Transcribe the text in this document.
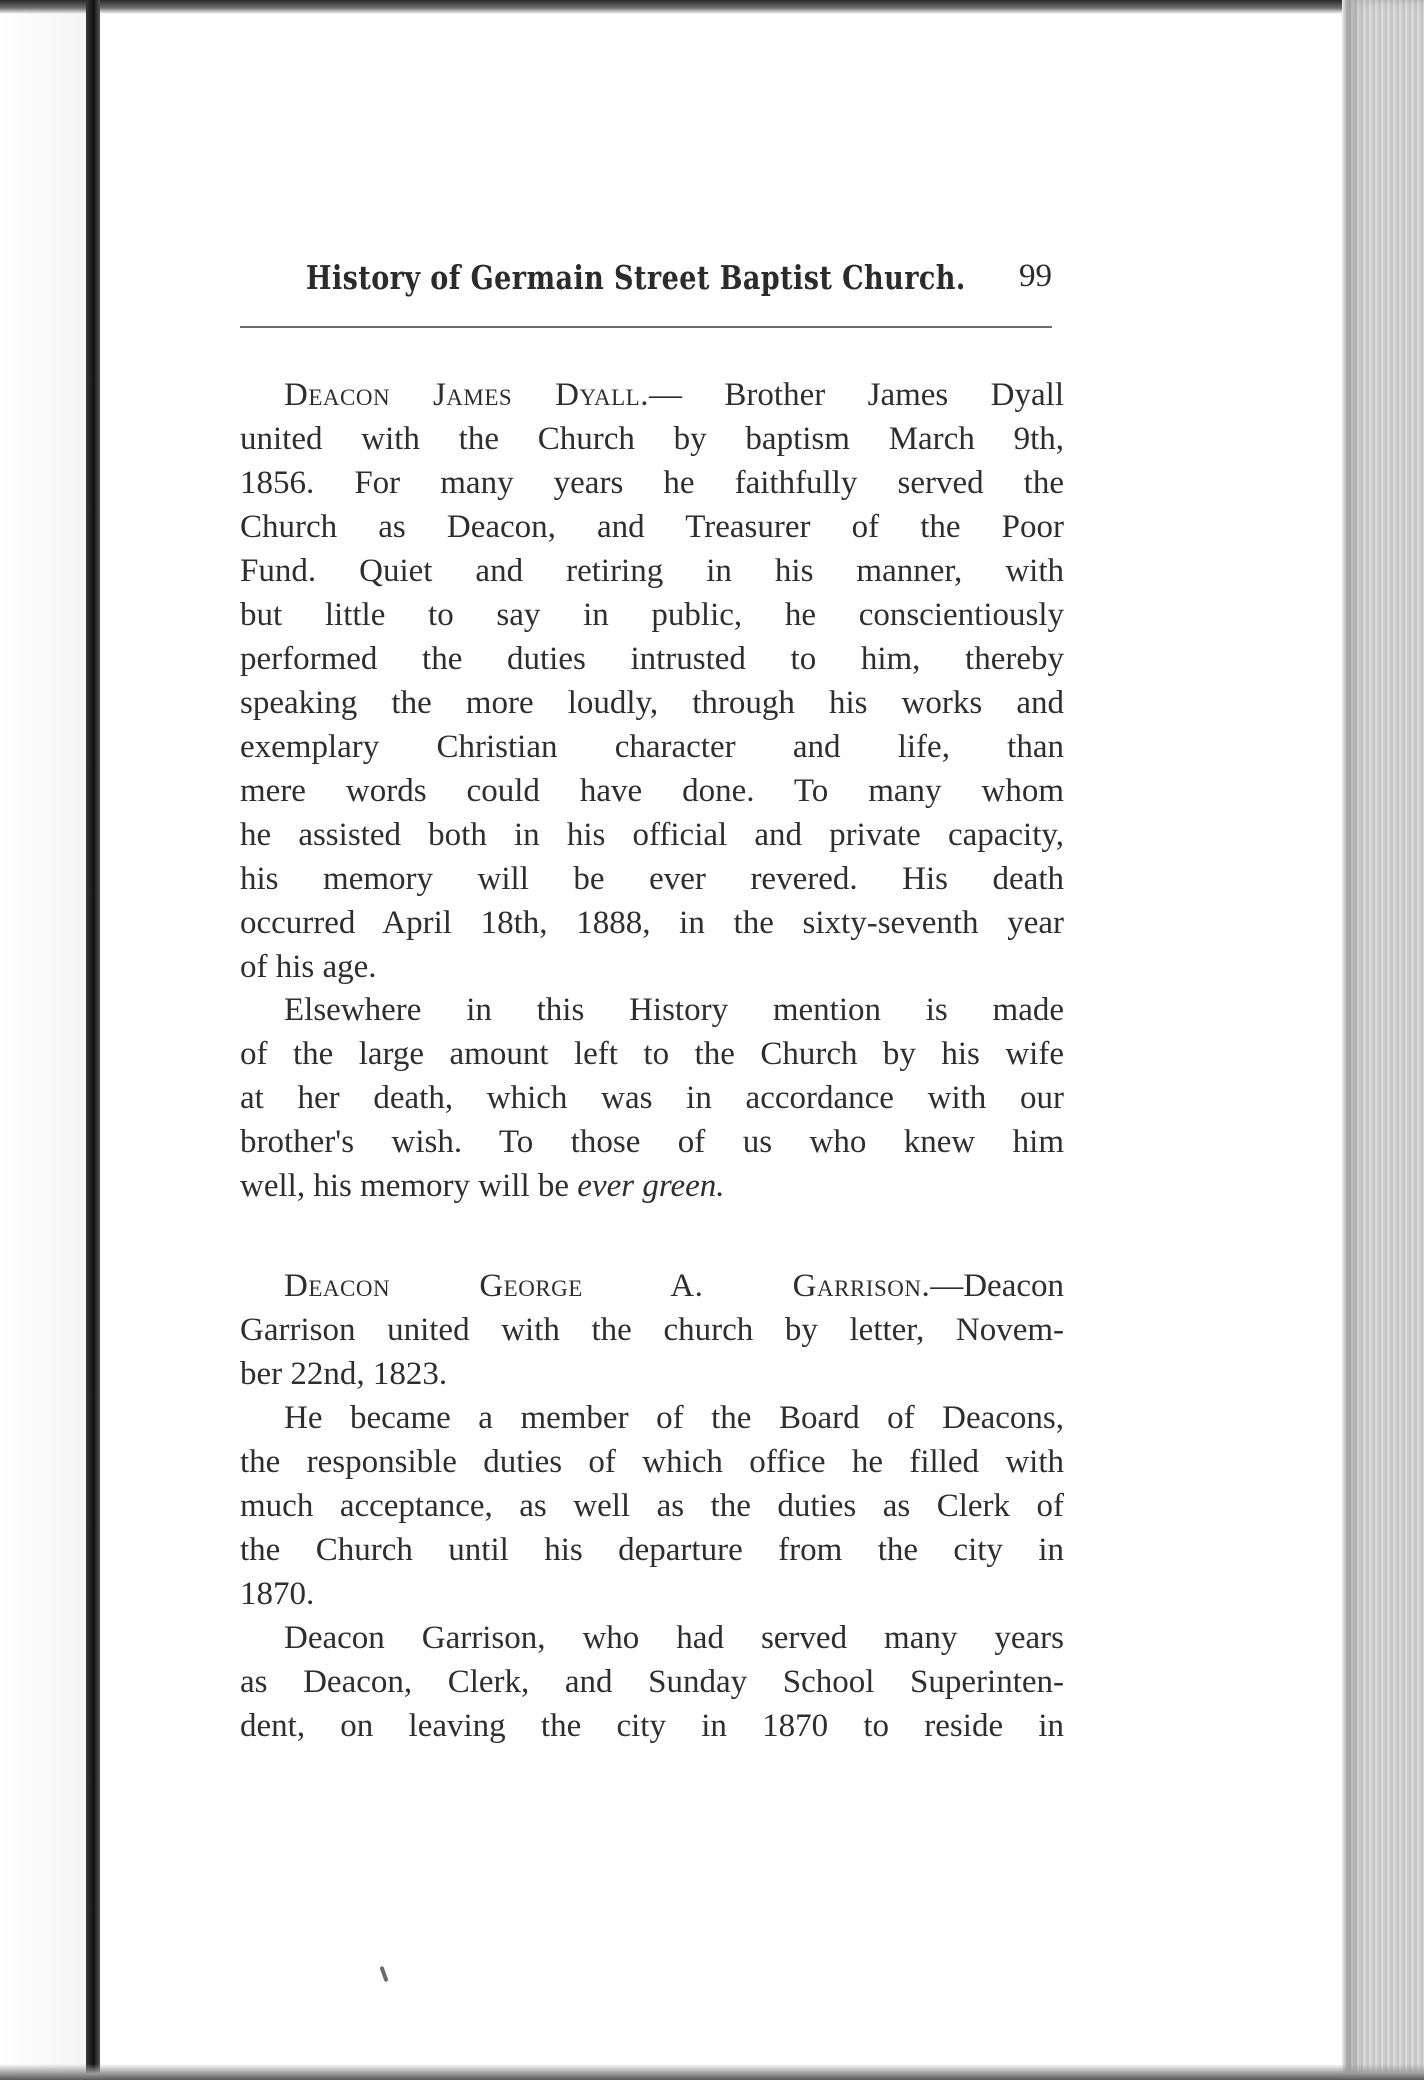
History of Germain Street Baptist Church. 99
Deacon James Dyall.— Brother James Dyall
united with the Church by baptism March 9th,
1856. For many years he faithfully served the
Church as Deacon, and Treasurer of the Poor
Fund. Quiet and retiring in his manner, with
but little to say in public, he conscientiously
performed the duties intrusted to him, thereby
speaking the more loudly, through his works and
exemplary Christian character and life, than
mere words could have done. To many whom
he assisted both in his official and private capacity,
his memory will be ever revered. His death
occurred April 18th, 1888, in the sixty-seventh year
of his age.
Elsewhere in this History mention is made
of the large amount left to the Church by his wife
at her death, which was in accordance with our
brother's wish. To those of us who knew him
well, his memory will be ever green.
Deacon George A. Garrison.—Deacon
Garrison united with the church by letter, Novem-
ber 22nd, 1823.
He became a member of the Board of Deacons,
the responsible duties of which office he filled with
much acceptance, as well as the duties as Clerk of
the Church until his departure from the city in
1870.
Deacon Garrison, who had served many years
as Deacon, Clerk, and Sunday School Superinten-
dent, on leaving the city in 1870 to reside in
